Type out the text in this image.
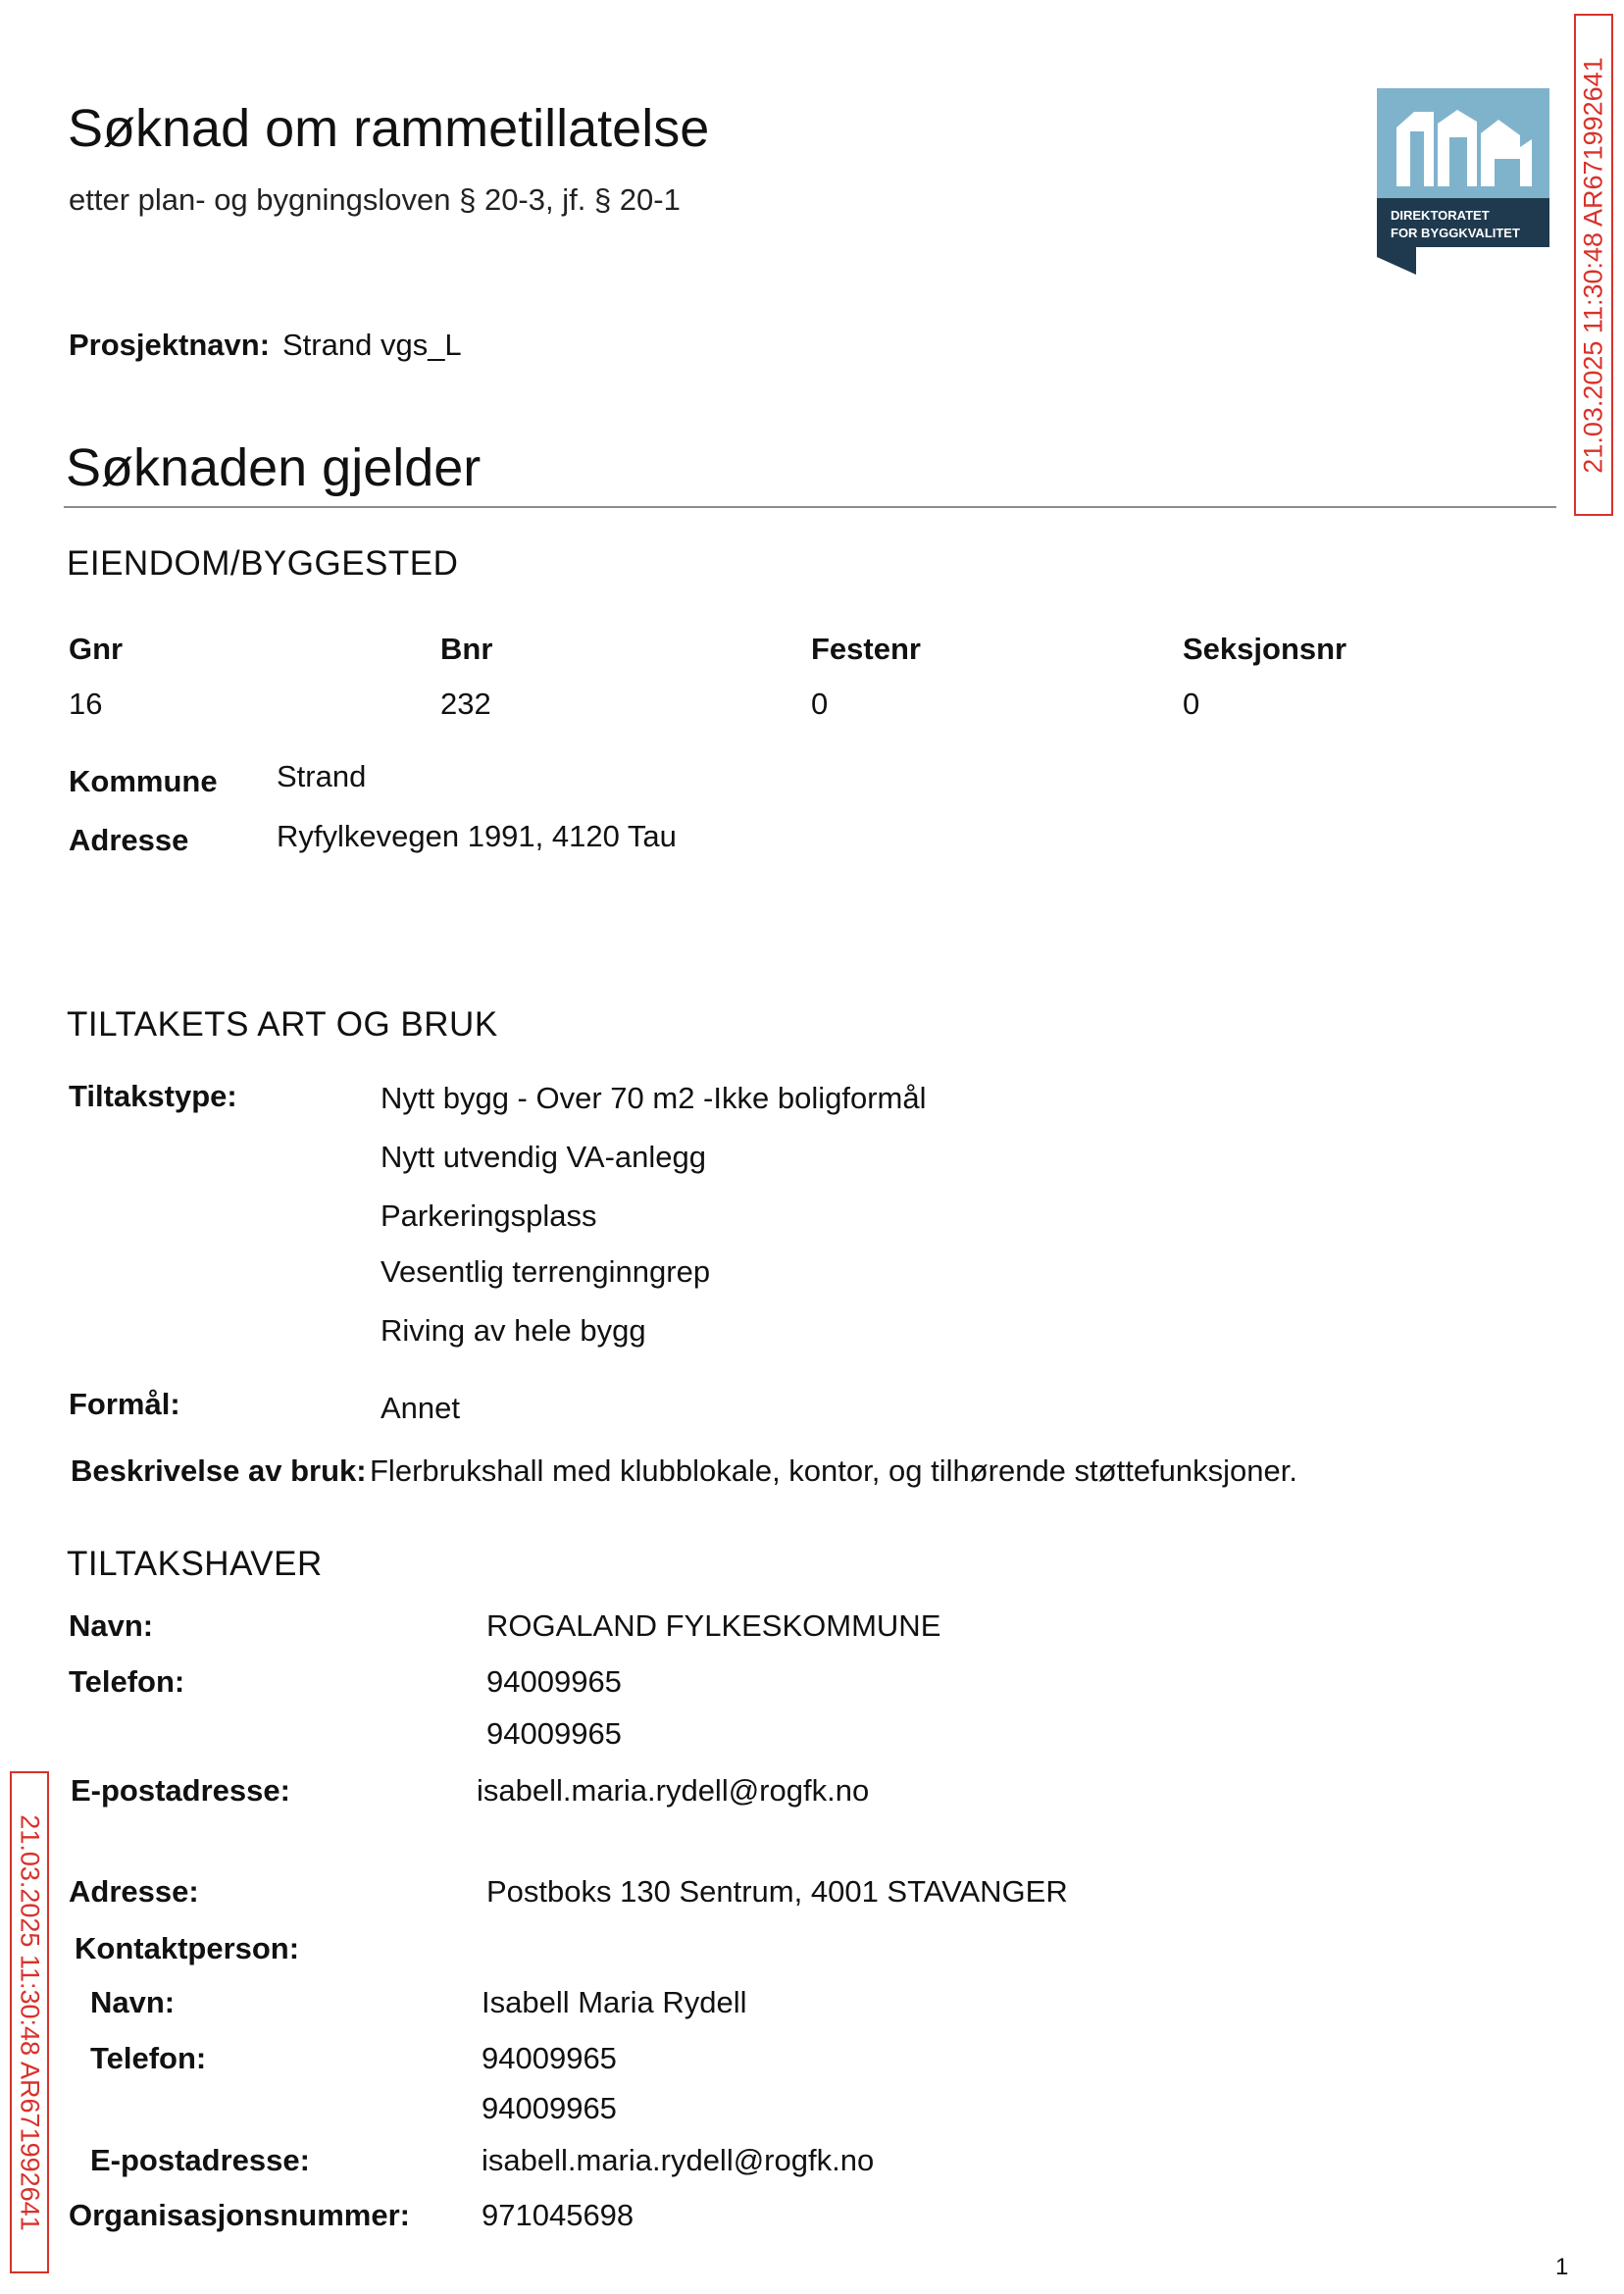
Søknad om rammetillatelse
etter plan- og bygningsloven § 20-3, jf. § 20-1	DIREKTORATET
FOR BYGGKVALITET 21.03.2025 11:30:48 AR671992641
Prosjektnavn: Strand vgs_L
Søknaden gjelder
EIENDOM/BYGGESTED
Gnr	Bnr	Festenr	Seksjonsnr
16	232	0	0
Kommune Strand
Adresse	Ryfylkevegen 1991, 4120 Tau
TILTAKETS ART OG BRUK
Tiltakstype:	Nytt bygg - Over 70 m2 -Ikke boligformål
Nytt utvendig VA-anlegg
Parkeringsplass
Vesentlig terrenginngrep
Riving av hele bygg
Formål:	Annet
Beskrivelse av bruk: Flerbrukshall med klubblokale, kontor, og tilhørende støttefunksjoner.
TILTAKSHAVER
Navn:	ROGALAND FYLKESKOMMUNE
Telefon:	94009965
94009965
E-postadresse:	isabell.maria.rydell@rogfk.no
Adresse:	Postboks 130 Sentrum, 4001 STAVANGER
Kontaktperson:
Navn:	Isabell Maria Rydell
Telefon:	94009965
94009965
E-postadresse:	isabell.maria.rydell@rogfk.no
Organisasjonsnummer: 971045698
21.03.2025 11:30:48 AR671992641
1
